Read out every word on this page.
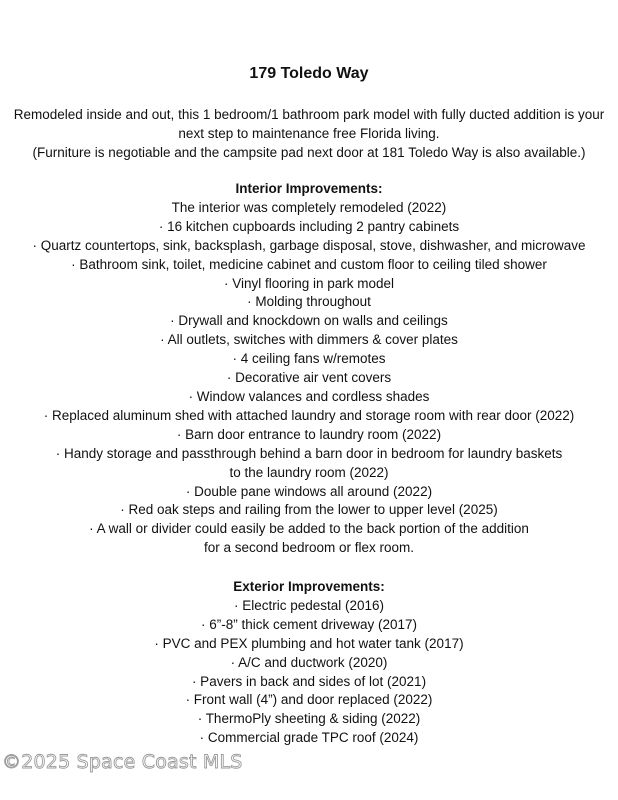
179 Toledo Way
Remodeled inside and out, this 1 bedroom/1 bathroom park model with fully ducted addition is your
next step to maintenance free Florida living.
(Furniture is negotiable and the campsite pad next door at 181 Toledo Way is also available.)
Interior Improvements:
The interior was completely remodeled (2022)
· 16 kitchen cupboards including 2 pantry cabinets
· Quartz countertops, sink, backsplash, garbage disposal, stove, dishwasher, and microwave
· Bathroom sink, toilet, medicine cabinet and custom floor to ceiling tiled shower
· Vinyl flooring in park model
· Molding throughout
· Drywall and knockdown on walls and ceilings
· All outlets, switches with dimmers & cover plates
· 4 ceiling fans w/remotes
· Decorative air vent covers
· Window valances and cordless shades
· Replaced aluminum shed with attached laundry and storage room with rear door (2022)
· Barn door entrance to laundry room (2022)
· Handy storage and passthrough behind a barn door in bedroom for laundry baskets
to the laundry room (2022)
· Double pane windows all around (2022)
· Red oak steps and railing from the lower to upper level (2025)
· A wall or divider could easily be added to the back portion of the addition
for a second bedroom or flex room.
Exterior Improvements:
· Electric pedestal (2016)
· 6”-8” thick cement driveway (2017)
· PVC and PEX plumbing and hot water tank (2017)
· A/C and ductwork (2020)
· Pavers in back and sides of lot (2021)
· Front wall (4”) and door replaced (2022)
· ThermoPly sheeting & siding (2022)
· Commercial grade TPC roof (2024)
©2025 Space Coast MLS
